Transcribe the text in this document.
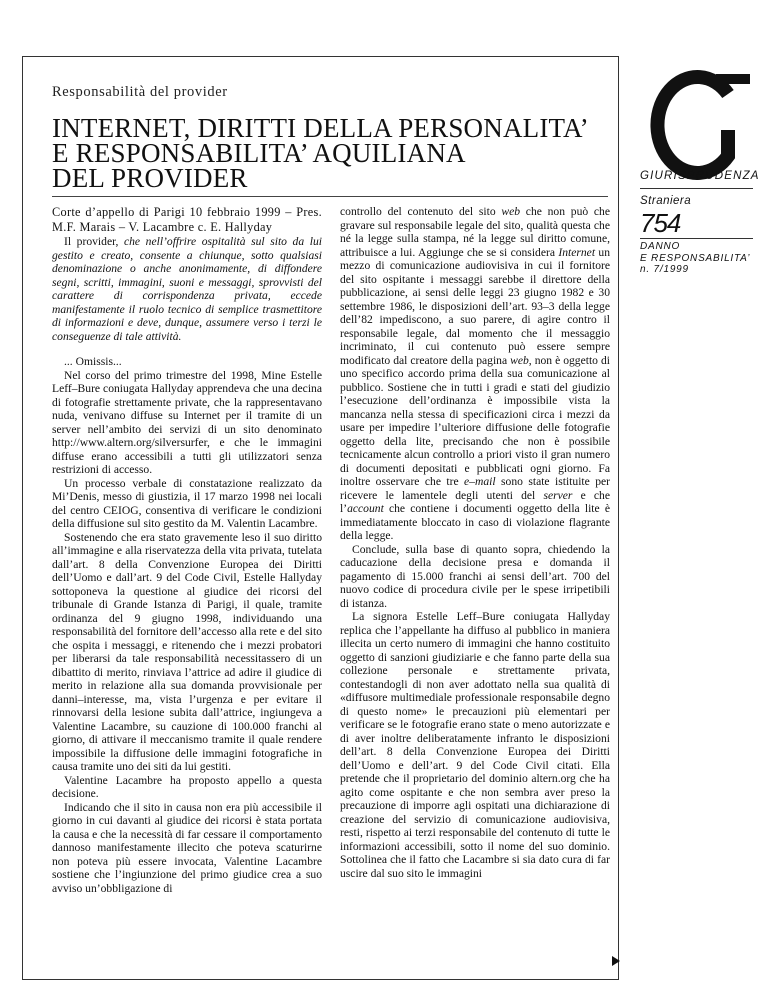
Responsabilità del provider
INTERNET, DIRITTI DELLA PERSONALITA’
E RESPONSABILITA’ AQUILIANA
DEL PROVIDER

Corte d’appello di Parigi 10 febbraio 1999 – Pres. M.F. Marais – V. Lacambre c. E. Hallyday

Il provider, che nell’offrire ospitalità sul sito da lui gestito e creato, consente a chiunque, sotto qualsiasi denominazione o anche anonimamente, di diffondere segni, scritti, immagini, suoni e messaggi, sprovvisti del carattere di corrispondenza privata, eccede manifestamente il ruolo tecnico di semplice trasmettitore di informazioni e deve, dunque, assumere verso i terzi le conseguenze di tale attività.

... Omissis...

Nel corso del primo trimestre del 1998, Mine Estelle Leff–Bure coniugata Hallyday apprendeva che una decina di fotografie strettamente private, che la rappresentavano nuda, venivano diffuse su Internet per il tramite di un server nell’ambito dei servizi di un sito denominato http://www.altern.org/silversurfer, e che le immagini diffuse erano accessibili a tutti gli utilizzatori senza restrizioni di accesso.

Un processo verbale di constatazione realizzato da Mi’Denis, messo di giustizia, il 17 marzo 1998 nei locali del centro CEIOG, consentiva di verificare le condizioni della diffusione sul sito gestito da M. Valentin Lacambre.

Sostenendo che era stato gravemente leso il suo diritto all’immagine e alla riservatezza della vita privata, tutelata dall’art. 8 della Convenzione Europea dei Diritti dell’Uomo e dall’art. 9 del Code Civil, Estelle Hallyday sottoponeva la questione al giudice dei ricorsi del tribunale di Grande Istanza di Parigi, il quale, tramite ordinanza del 9 giugno 1998, individuando una responsabilità del fornitore dell’accesso alla rete e del sito che ospita i messaggi, e ritenendo che i mezzi probatori per liberarsi da tale responsabilità necessitassero di un dibattito di merito, rinviava l’attrice ad adire il giudice di merito in relazione alla sua domanda provvisionale per danni–interesse, ma, vista l’urgenza e per evitare il rinnovarsi della lesione subita dall’attrice, ingiungeva a Valentine Lacambre, su cauzione di 100.000 franchi al giorno, di attivare il meccanismo tramite il quale rendere impossibile la diffusione delle immagini fotografiche in causa tramite uno dei siti da lui gestiti.

Valentine Lacambre ha proposto appello a questa decisione.

Indicando che il sito in causa non era più accessibile il giorno in cui davanti al giudice dei ricorsi è stata portata la causa e che la necessità di far cessare il comportamento dannoso manifestamente illecito che poteva scaturirne non poteva più essere invocata, Valentine Lacambre sostiene che l’ingiunzione del primo giudice crea a suo avviso un’obbligazione di

controllo del contenuto del sito web che non può che gravare sul responsabile legale del sito, qualità questa che né la legge sulla stampa, né la legge sul diritto comune, attribuisce a lui. Aggiunge che se si considera Internet un mezzo di comunicazione audiovisiva in cui il fornitore del sito ospitante i messaggi sarebbe il direttore della pubblicazione, ai sensi delle leggi 23 giugno 1982 e 30 settembre 1986, le disposizioni dell’art. 93–3 della legge dell’82 impediscono, a suo parere, di agire contro il responsabile legale, dal momento che il messaggio incriminato, il cui contenuto può essere sempre modificato dal creatore della pagina web, non è oggetto di uno specifico accordo prima della sua comunicazione al pubblico. Sostiene che in tutti i gradi e stati del giudizio l’esecuzione dell’ordinanza è impossibile vista la mancanza nella stessa di specificazioni circa i mezzi da usare per impedire l’ulteriore diffusione delle fotografie oggetto della lite, precisando che non è possibile tecnicamente alcun controllo a priori visto il gran numero di documenti depositati e pubblicati ogni giorno. Fa inoltre osservare che tre e–mail sono state istituite per ricevere le lamentele degli utenti del server e che l’account che contiene i documenti oggetto della lite è immediatamente bloccato in caso di violazione flagrante della legge.

Conclude, sulla base di quanto sopra, chiedendo la caducazione della decisione presa e domanda il pagamento di 15.000 franchi ai sensi dell’art. 700 del nuovo codice di procedura civile per le spese irripetibili di istanza.

La signora Estelle Leff–Bure coniugata Hallyday replica che l’appellante ha diffuso al pubblico in maniera illecita un certo numero di immagini che hanno costituito oggetto di sanzioni giudiziarie e che fanno parte della sua collezione personale e strettamente privata, contestandogli di non aver adottato nella sua qualità di «diffusore multimediale professionale responsabile degno di questo nome» le precauzioni più elementari per verificare se le fotografie erano state o meno autorizzate e di aver inoltre deliberatamente infranto le disposizioni dell’art. 8 della Convenzione Europea dei Diritti dell’Uomo e dell’art. 9 del Code Civil citati. Ella pretende che il proprietario del dominio altern.org che ha agito come ospitante e che non sembra aver preso la precauzione di imporre agli ospitati una dichiarazione di creazione del servizio di comunicazione audiovisiva, resti, rispetto ai terzi responsabile del contenuto di tutte le informazioni accessibili, sotto il nome del suo dominio. Sottolinea che il fatto che Lacambre si sia dato cura di far uscire dal suo sito le immagini

GIURISPRUDENZA
Straniera
754
DANNO
E RESPONSABILITA’
n. 7/1999
